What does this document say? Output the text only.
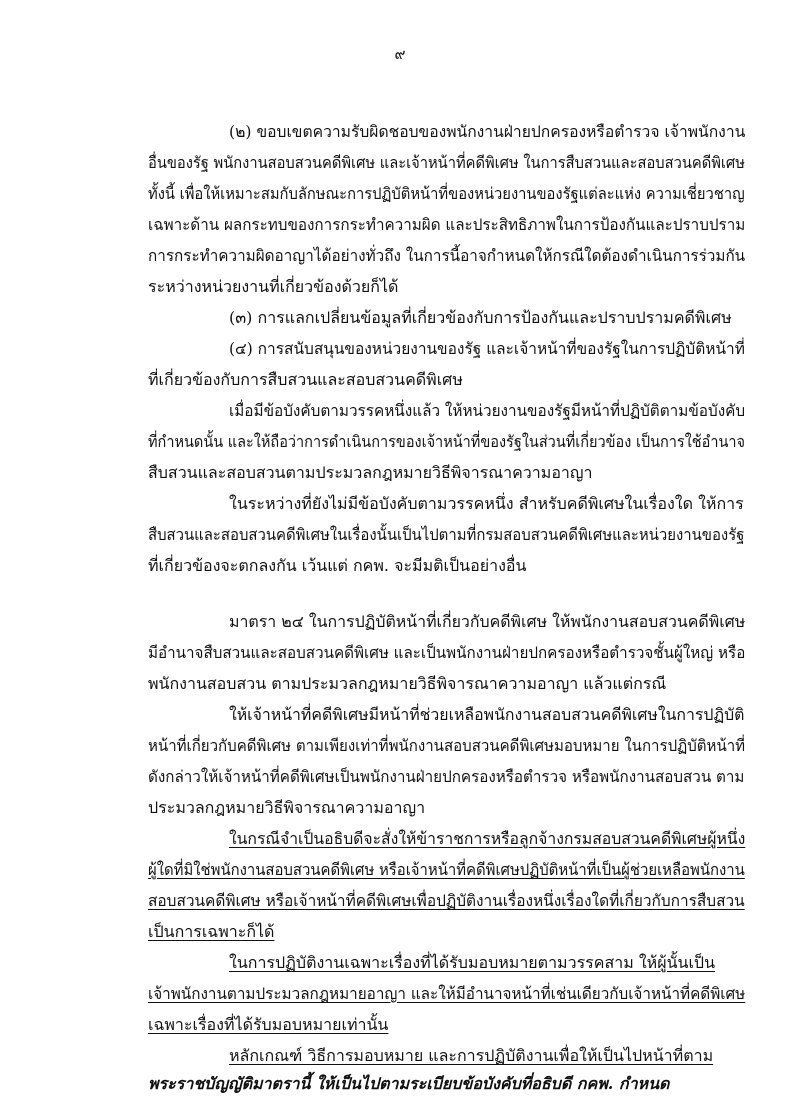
๙
(๒) ขอบเขตความรับผิดชอบของพนักงานฝ่ายปกครองหรือตำรวจ เจ้าพนักงาน
อื่นของรัฐ พนักงานสอบสวนคดีพิเศษ และเจ้าหน้าที่คดีพิเศษ ในการสืบสวนและสอบสวนคดีพิเศษ
ทั้งนี้ เพื่อให้เหมาะสมกับลักษณะการปฏิบัติหน้าที่ของหน่วยงานของรัฐแต่ละแห่ง ความเชี่ยวชาญ
เฉพาะด้าน ผลกระทบของการกระทำความผิด และประสิทธิภาพในการป้องกันและปราบปราม
การกระทำความผิดอาญาได้อย่างทั่วถึง ในการนี้อาจกำหนดให้กรณีใดต้องดำเนินการร่วมกัน
ระหว่างหน่วยงานที่เกี่ยวข้องด้วยก็ได้
(๓) การแลกเปลี่ยนข้อมูลที่เกี่ยวข้องกับการป้องกันและปราบปรามคดีพิเศษ
(๔) การสนับสนุนของหน่วยงานของรัฐ และเจ้าหน้าที่ของรัฐในการปฏิบัติหน้าที่
ที่เกี่ยวข้องกับการสืบสวนและสอบสวนคดีพิเศษ
เมื่อมีข้อบังคับตามวรรคหนึ่งแล้ว ให้หน่วยงานของรัฐมีหน้าที่ปฏิบัติตามข้อบังคับ
ที่กำหนดนั้น และให้ถือว่าการดำเนินการของเจ้าหน้าที่ของรัฐในส่วนที่เกี่ยวข้อง เป็นการใช้อำนาจ
สืบสวนและสอบสวนตามประมวลกฎหมายวิธีพิจารณาความอาญา
ในระหว่างที่ยังไม่มีข้อบังคับตามวรรคหนึ่ง สำหรับคดีพิเศษในเรื่องใด ให้การ
สืบสวนและสอบสวนคดีพิเศษในเรื่องนั้นเป็นไปตามที่กรมสอบสวนคดีพิเศษและหน่วยงานของรัฐ
ที่เกี่ยวข้องจะตกลงกัน เว้นแต่ กคพ. จะมีมติเป็นอย่างอื่น
มาตรา ๒๔ ในการปฏิบัติหน้าที่เกี่ยวกับคดีพิเศษ ให้พนักงานสอบสวนคดีพิเศษ
มีอำนาจสืบสวนและสอบสวนคดีพิเศษ และเป็นพนักงานฝ่ายปกครองหรือตำรวจชั้นผู้ใหญ่ หรือ
พนักงานสอบสวน ตามประมวลกฎหมายวิธีพิจารณาความอาญา แล้วแต่กรณี
ให้เจ้าหน้าที่คดีพิเศษมีหน้าที่ช่วยเหลือพนักงานสอบสวนคดีพิเศษในการปฏิบัติ
หน้าที่เกี่ยวกับคดีพิเศษ ตามเพียงเท่าที่พนักงานสอบสวนคดีพิเศษมอบหมาย ในการปฏิบัติหน้าที่
ดังกล่าวให้เจ้าหน้าที่คดีพิเศษเป็นพนักงานฝ่ายปกครองหรือตำรวจ หรือพนักงานสอบสวน ตาม
ประมวลกฎหมายวิธีพิจารณาความอาญา
ในกรณีจำเป็นอธิบดีจะสั่งให้ข้าราชการหรือลูกจ้างกรมสอบสวนคดีพิเศษผู้หนึ่ง
ผู้ใดที่มิใช่พนักงานสอบสวนคดีพิเศษ หรือเจ้าหน้าที่คดีพิเศษปฏิบัติหน้าที่เป็นผู้ช่วยเหลือพนักงาน
สอบสวนคดีพิเศษ หรือเจ้าหน้าที่คดีพิเศษเพื่อปฏิบัติงานเรื่องหนึ่งเรื่องใดที่เกี่ยวกับการสืบสวน
เป็นการเฉพาะก็ได้
ในการปฏิบัติงานเฉพาะเรื่องที่ได้รับมอบหมายตามวรรคสาม ให้ผู้นั้นเป็น
เจ้าพนักงานตามประมวลกฎหมายอาญา และให้มีอำนาจหน้าที่เช่นเดียวกับเจ้าหน้าที่คดีพิเศษ
เฉพาะเรื่องที่ได้รับมอบหมายเท่านั้น
หลักเกณฑ์ วิธีการมอบหมาย และการปฏิบัติงานเพื่อให้เป็นไปหน้าที่ตาม
พระราชบัญญัติมาตรานี้ ให้เป็นไปตามระเบียบข้อบังคับที่อธิบดี กคพ. กำหนด
